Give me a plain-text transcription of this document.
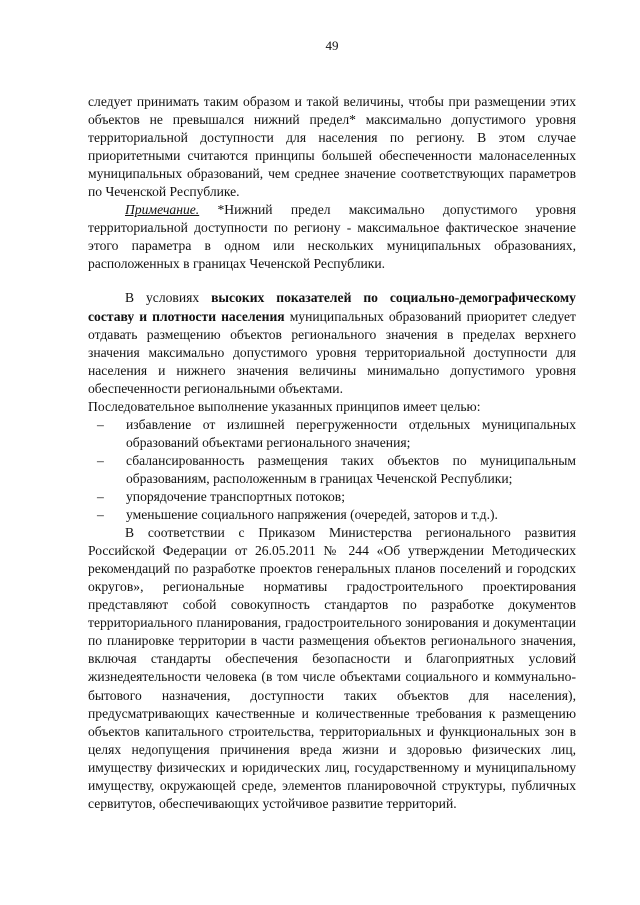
49

следует принимать таким образом и такой величины, чтобы при размещении этих объектов не превышался нижний предел* максимально допустимого уровня территориальной доступности для населения по региону. В этом случае приоритетными считаются принципы большей обеспеченности малонаселенных муниципальных образований, чем среднее значение соответствующих параметров по Чеченской Республике.

Примечание. *Нижний предел максимально допустимого уровня территориальной доступности по региону - максимальное фактическое значение этого параметра в одном или нескольких муниципальных образованиях, расположенных в границах Чеченской Республики.

В условиях высоких показателей по социально-демографическому составу и плотности населения муниципальных образований приоритет следует отдавать размещению объектов регионального значения в пределах верхнего значения максимально допустимого уровня территориальной доступности для населения и нижнего значения величины минимально допустимого уровня обеспеченности региональными объектами.

Последовательное выполнение указанных принципов имеет целью:

– избавление от излишней перегруженности отдельных муниципальных образований объектами регионального значения;
– сбалансированность размещения таких объектов по муниципальным образованиям, расположенным в границах Чеченской Республики;
– упорядочение транспортных потоков;
– уменьшение социального напряжения (очередей, заторов и т.д.).

В соответствии с Приказом Министерства регионального развития Российской Федерации от 26.05.2011 № 244 «Об утверждении Методических рекомендаций по разработке проектов генеральных планов поселений и городских округов», региональные нормативы градостроительного проектирования представляют собой совокупность стандартов по разработке документов территориального планирования, градостроительного зонирования и документации по планировке территории в части размещения объектов регионального значения, включая стандарты обеспечения безопасности и благоприятных условий жизнедеятельности человека (в том числе объектами социального и коммунально-бытового назначения, доступности таких объектов для населения), предусматривающих качественные и количественные требования к размещению объектов капитального строительства, территориальных и функциональных зон в целях недопущения причинения вреда жизни и здоровью физических лиц, имуществу физических и юридических лиц, государственному и муниципальному имуществу, окружающей среде, элементов планировочной структуры, публичных сервитутов, обеспечивающих устойчивое развитие территорий.
